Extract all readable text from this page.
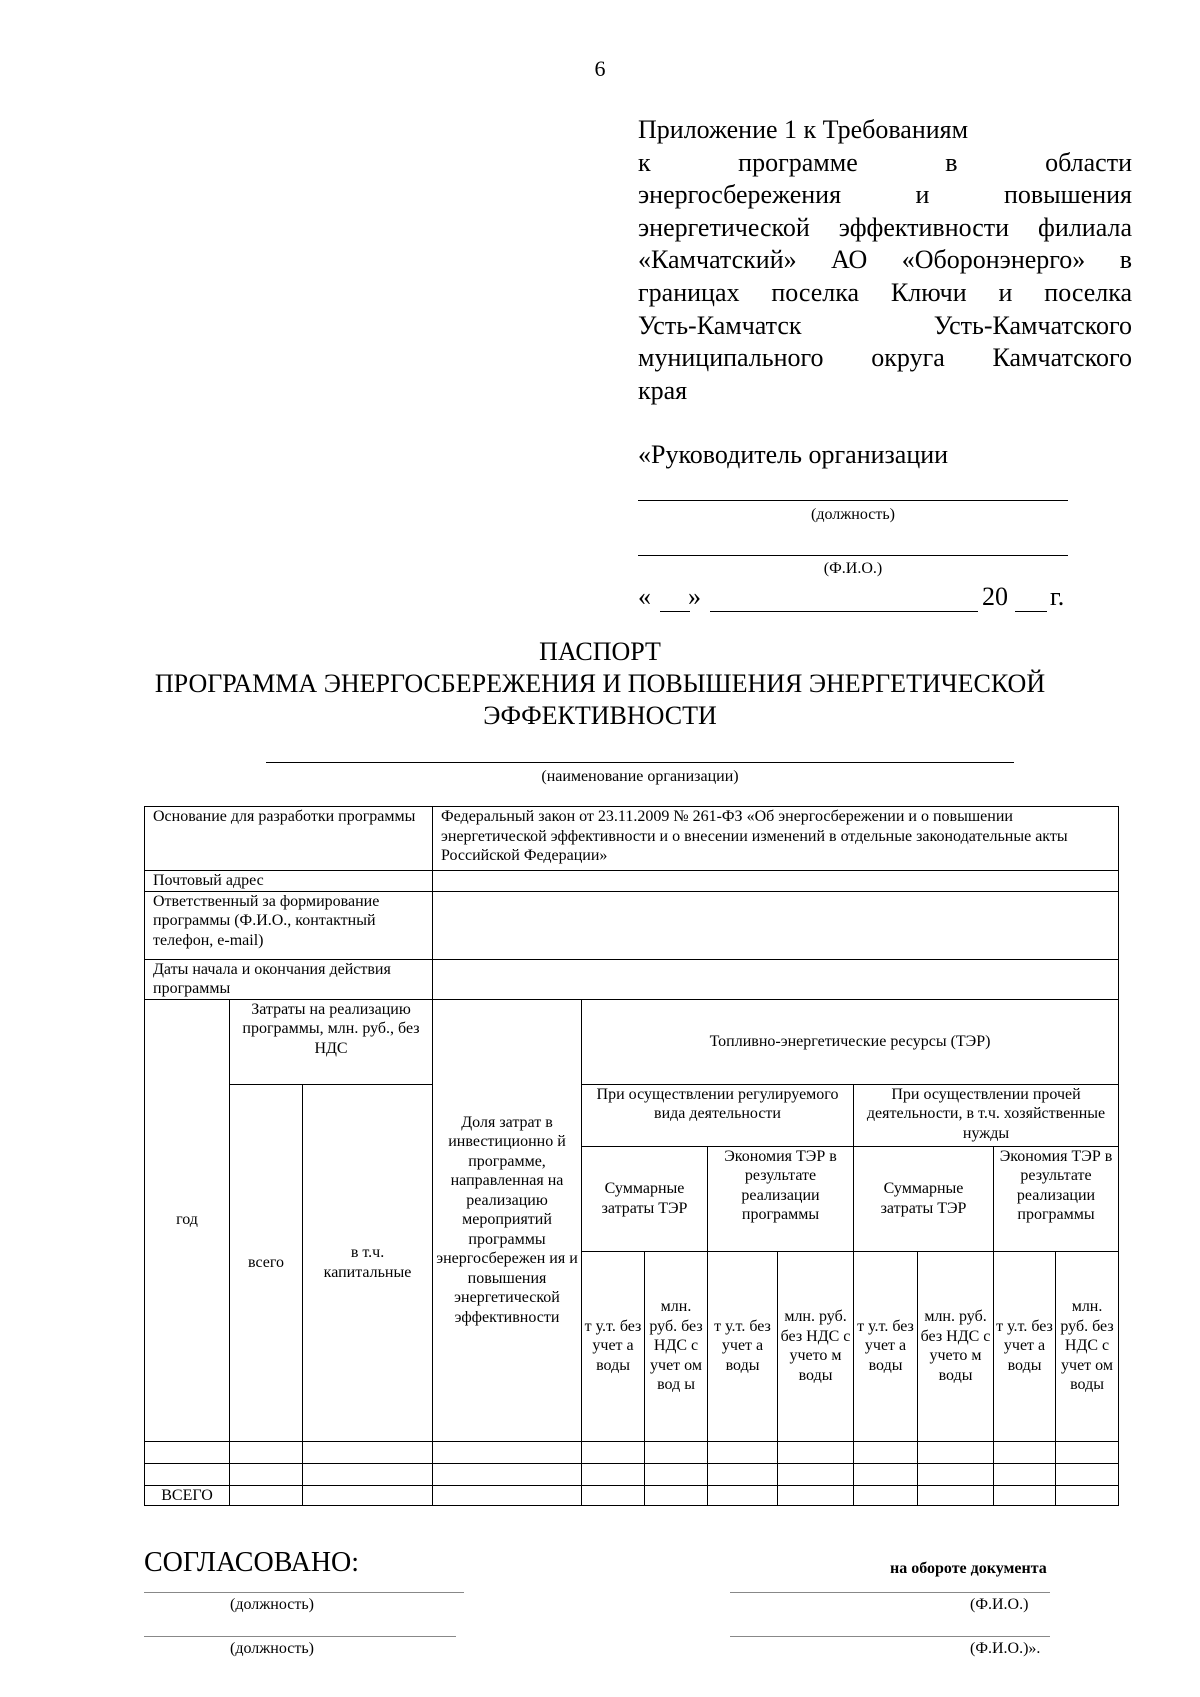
6
Приложение 1 к Требованиям
к программе в области
энергосбережения и повышения
энергетической эффективности филиала
«Камчатский» АО «Оборонэнерго» в
границах поселка Ключи и поселка
Усть-Камчатск Усть-Камчатского
муниципального округа Камчатского
края
«Руководитель организации
(должность)
(Ф.И.О.)
« »	20 г.
ПАСПОРТ
ПРОГРАММА ЭНЕРГОСБЕРЕЖЕНИЯ И ПОВЫШЕНИЯ ЭНЕРГЕТИЧЕСКОЙ
ЭФФЕКТИВНОСТИ
(наименование организации)
Основание для разработки программы			Федеральный закон от 23.11.2009 № 261-ФЗ «Об энергосбережении и о повышении энергетической эффективности и о внесении изменений в отдельные законодательные акты Российской Федерации»								
Почтовый адрес											
Ответственный за формирование программы (Ф.И.О., контактный телефон, e-mail)											
Даты начала и окончания действия программы											
год	Затраты на реализацию программы, млн. руб., без НДС		Доля затрат в инвестиционно й программе, направленная на реализацию мероприятий программы энергосбережен ия и повышения энергетической эффективности	Топливно-энергетические ресурсы (ТЭР)							
	всего	в т.ч. капитальные		При осуществлении регулируемого вида деятельности				При осуществлении прочей деятельности, в т.ч. хозяйственные нужды			
				Суммарные затраты ТЭР		Экономия ТЭР в результате реализации программы		Суммарные затраты ТЭР		Экономия ТЭР в результате реализации программы	
				т у.т. без учет а воды	млн. руб. без НДС с учет ом вод ы	т у.т. без учет а воды	млн. руб. без НДС с учето м воды	т у.т. без учет а воды	млн. руб. без НДС с учето м воды	т у.т. без учет а воды	млн. руб. без НДС с учет ом воды

ВСЕГО											
СОГЛАСОВАНО:	на обороте документа
(должность)	(Ф.И.О.)
(должность)	(Ф.И.О.)».
